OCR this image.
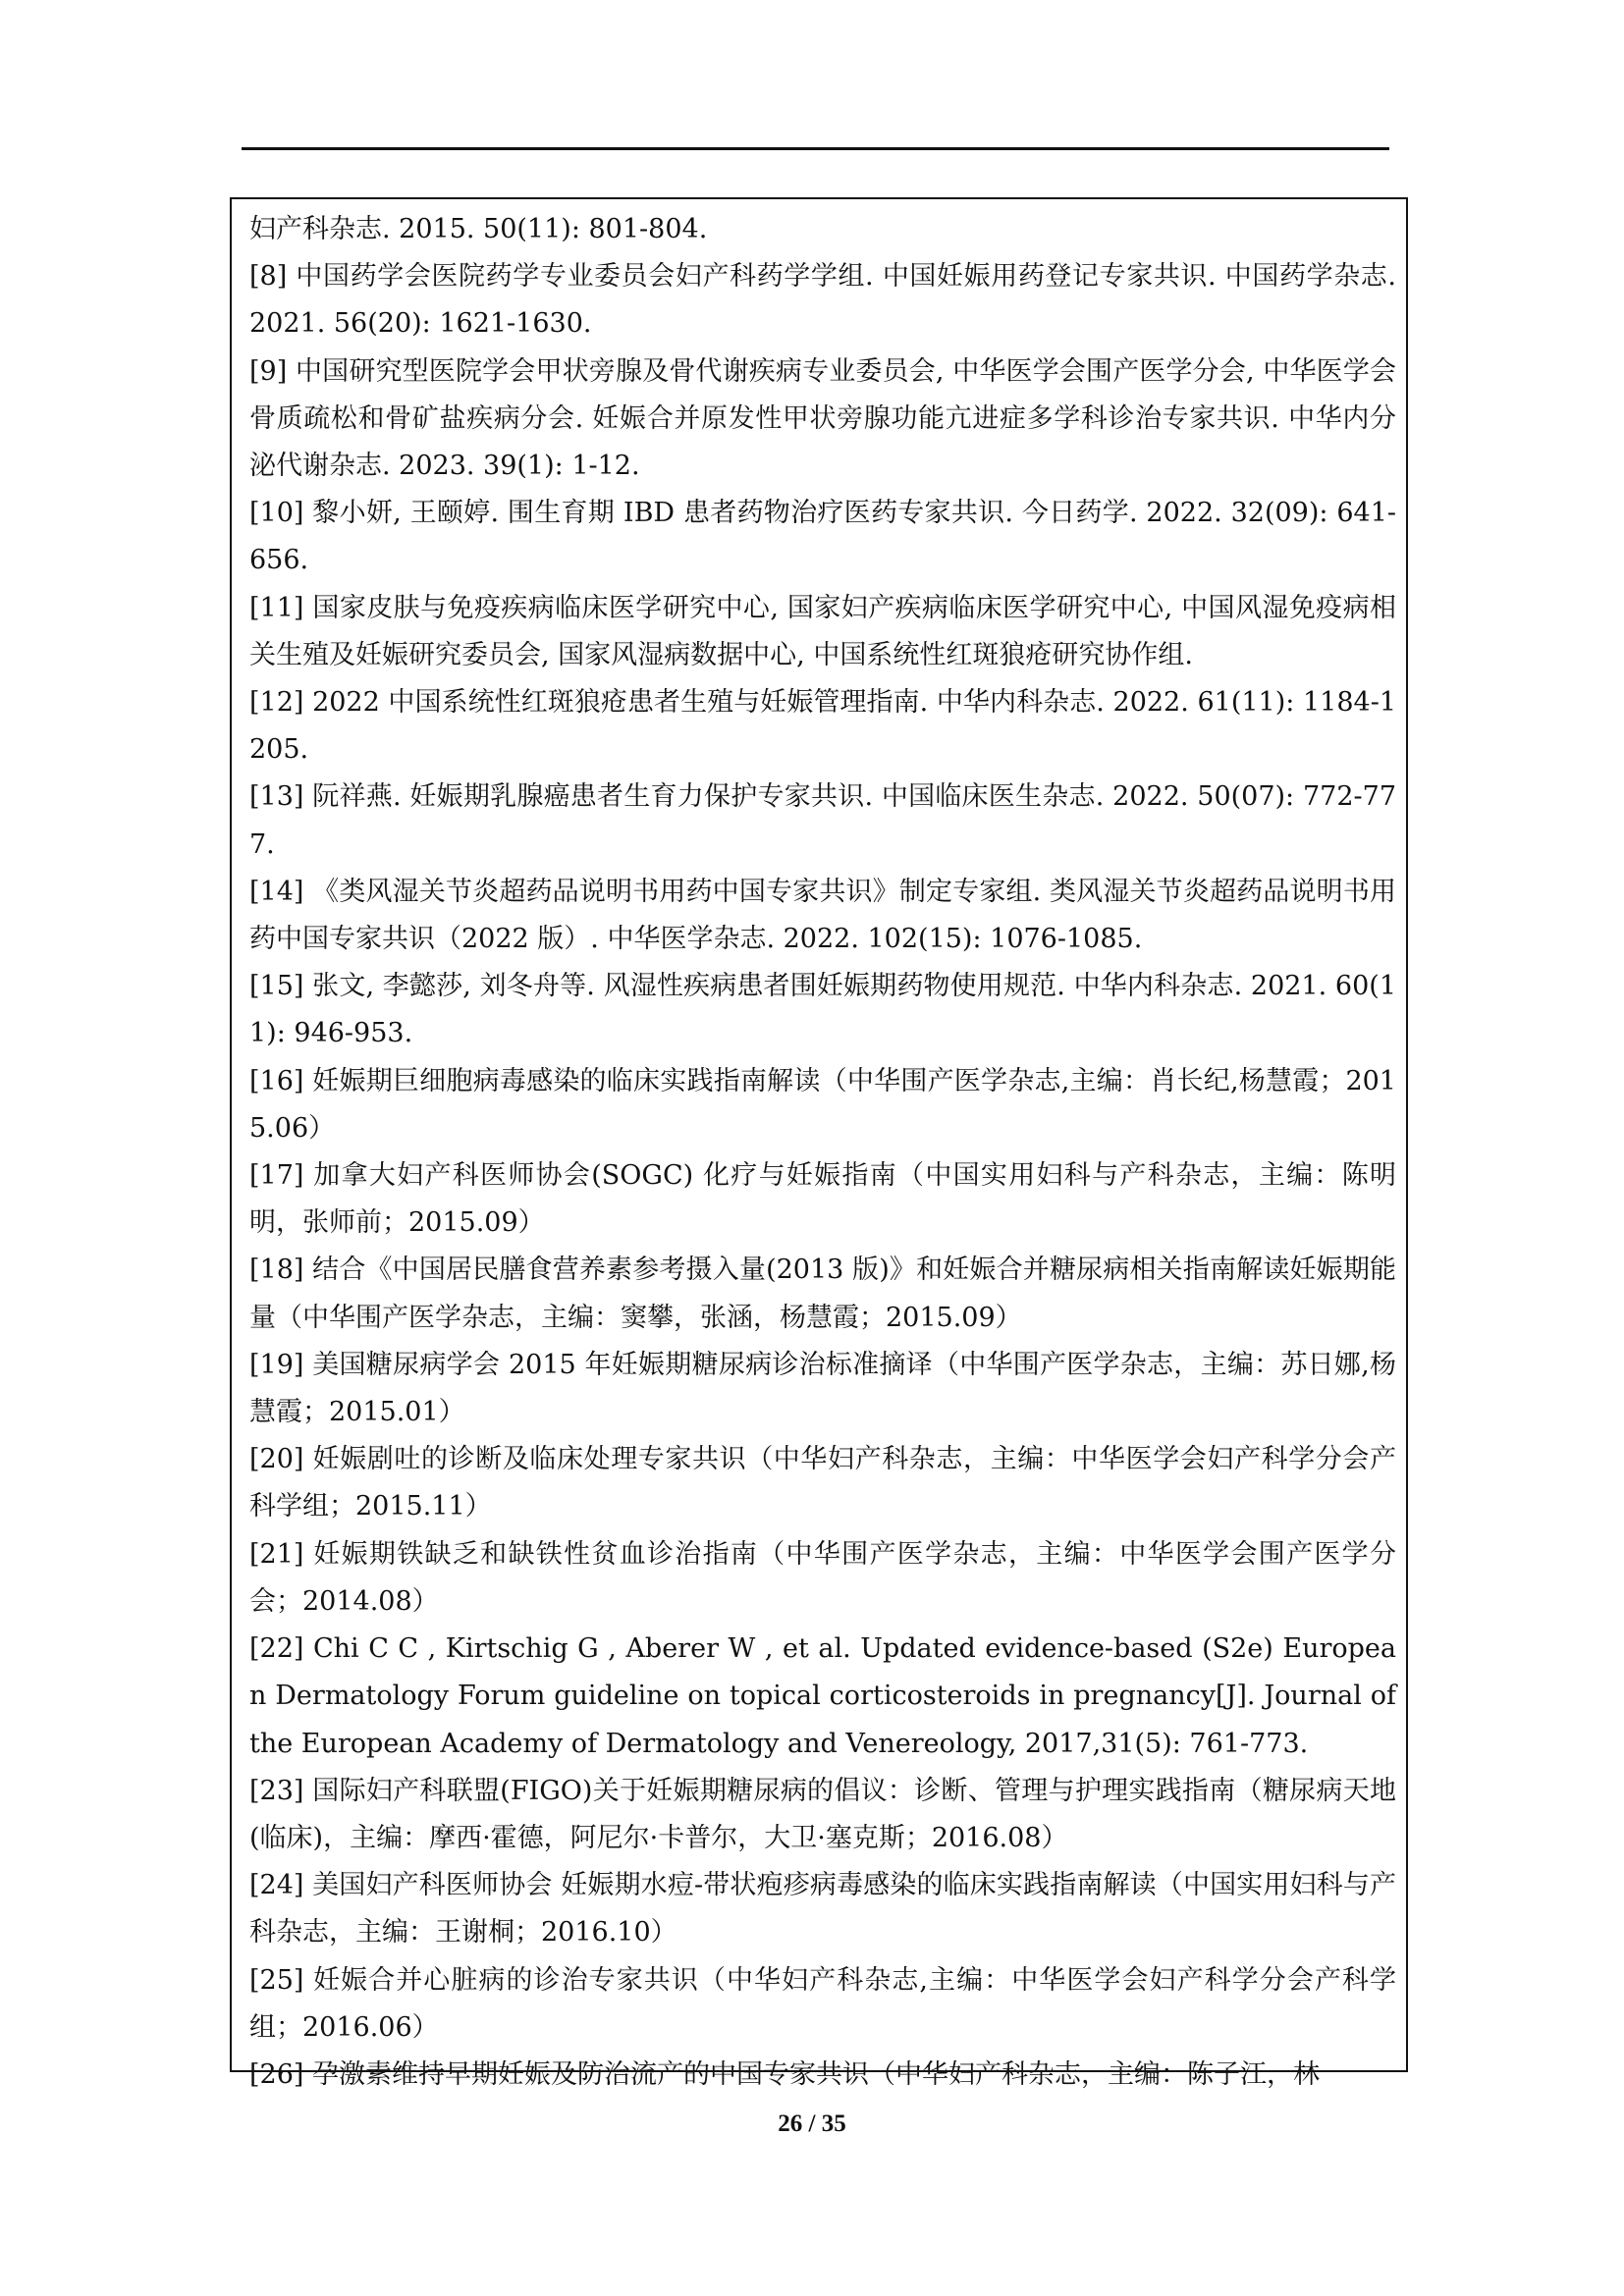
妇产科杂志. 2015. 50(11): 801-804.
[8] 中国药学会医院药学专业委员会妇产科药学学组. 中国妊娠用药登记专家共识. 中国药学杂志. 2021. 56(20): 1621-1630.
[9] 中国研究型医院学会甲状旁腺及骨代谢疾病专业委员会, 中华医学会围产医学分会, 中华医学会骨质疏松和骨矿盐疾病分会. 妊娠合并原发性甲状旁腺功能亢进症多学科诊治专家共识. 中华内分泌代谢杂志. 2023. 39(1): 1-12.
[10] 黎小妍, 王颐婷. 围生育期 IBD 患者药物治疗医药专家共识. 今日药学. 2022. 32(09): 641-656.
[11] 国家皮肤与免疫疾病临床医学研究中心, 国家妇产疾病临床医学研究中心, 中国风湿免疫病相关生殖及妊娠研究委员会, 国家风湿病数据中心, 中国系统性红斑狼疮研究协作组.
[12] 2022 中国系统性红斑狼疮患者生殖与妊娠管理指南. 中华内科杂志. 2022. 61(11): 1184-1205.
[13] 阮祥燕. 妊娠期乳腺癌患者生育力保护专家共识. 中国临床医生杂志. 2022. 50(07): 772-777.
[14] 《类风湿关节炎超药品说明书用药中国专家共识》制定专家组. 类风湿关节炎超药品说明书用药中国专家共识（2022 版）. 中华医学杂志. 2022. 102(15): 1076-1085.
[15] 张文, 李懿莎, 刘冬舟等. 风湿性疾病患者围妊娠期药物使用规范. 中华内科杂志. 2021. 60(11): 946-953.
[16] 妊娠期巨细胞病毒感染的临床实践指南解读（中华围产医学杂志,主编：肖长纪,杨慧霞；2015.06）
[17] 加拿大妇产科医师协会(SOGC) 化疗与妊娠指南（中国实用妇科与产科杂志，主编：陈明明，张师前；2015.09）
[18] 结合《中国居民膳食营养素参考摄入量(2013 版)》和妊娠合并糖尿病相关指南解读妊娠期能量（中华围产医学杂志，主编：窦攀，张涵，杨慧霞；2015.09）
[19] 美国糖尿病学会 2015 年妊娠期糖尿病诊治标准摘译（中华围产医学杂志，主编：苏日娜,杨慧霞；2015.01）
[20] 妊娠剧吐的诊断及临床处理专家共识（中华妇产科杂志，主编：中华医学会妇产科学分会产科学组；2015.11）
[21] 妊娠期铁缺乏和缺铁性贫血诊治指南（中华围产医学杂志，主编：中华医学会围产医学分会；2014.08）
[22] Chi C C , Kirtschig G , Aberer W , et al. Updated evidence-based (S2e) European Dermatology Forum guideline on topical corticosteroids in pregnancy[J]. Journal of the European Academy of Dermatology and Venereology, 2017,31(5): 761-773.
[23] 国际妇产科联盟(FIGO)关于妊娠期糖尿病的倡议：诊断、管理与护理实践指南（糖尿病天地(临床)，主编：摩西·霍德，阿尼尔·卡普尔，大卫·塞克斯；2016.08）
[24] 美国妇产科医师协会 妊娠期水痘-带状疱疹病毒感染的临床实践指南解读（中国实用妇科与产科杂志，主编：王谢桐；2016.10）
[25] 妊娠合并心脏病的诊治专家共识（中华妇产科杂志,主编：中华医学会妇产科学分会产科学组；2016.06）
[26] 孕激素维持早期妊娠及防治流产的中国专家共识（中华妇产科杂志，主编：陈子江，林
26 / 35
